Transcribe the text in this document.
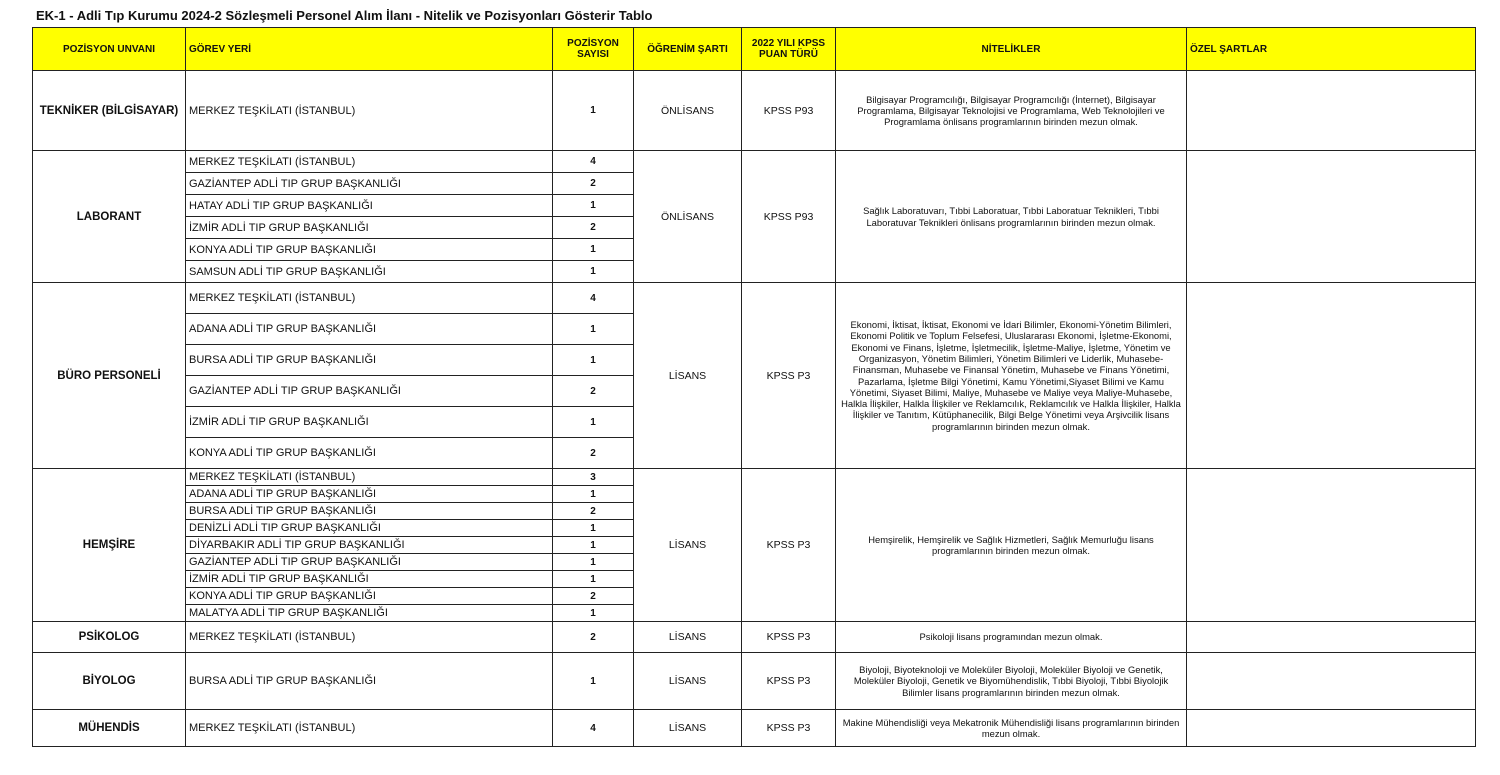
EK-1 - Adli Tıp Kurumu 2024-2 Sözleşmeli Personel Alım İlanı - Nitelik ve Pozisyonları Gösterir Tablo
POZİSYON UNVANI	GÖREV YERİ	POZİSYON SAYISI	ÖĞRENİM ŞARTI	2022 YILI KPSS PUAN TÜRÜ	NİTELİKLER	ÖZEL ŞARTLAR
TEKNİKER (BİLGİSAYAR)	MERKEZ TEŞKİLATI (İSTANBUL)	1	ÖNLİSANS	KPSS P93	Bilgisayar Programcılığı, Bilgisayar Programcılığı (İnternet), Bilgisayar Programlama, Bilgisayar Teknolojisi ve Programlama, Web Teknolojileri ve Programlama önlisans programlarının birinden mezun olmak.	
LABORANT	MERKEZ TEŞKİLATI (İSTANBUL)	4	ÖNLİSANS	KPSS P93	Sağlık Laboratuvarı, Tıbbi Laboratuar, Tıbbi Laboratuar Teknikleri, Tıbbi Laboratuvar Teknikleri önlisans programlarının birinden mezun olmak.	
	GAZİANTEP ADLİ TIP GRUP BAŞKANLIĞI	2				
	HATAY ADLİ TIP GRUP BAŞKANLIĞI	1				
	İZMİR ADLİ TIP GRUP BAŞKANLIĞI	2				
	KONYA ADLİ TIP GRUP BAŞKANLIĞI	1				
	SAMSUN ADLİ TIP GRUP BAŞKANLIĞI	1				
BÜRO PERSONELİ	MERKEZ TEŞKİLATI (İSTANBUL)	4	LİSANS	KPSS P3	Ekonomi, İktisat, İktisat, Ekonomi ve İdari Bilimler, Ekonomi-Yönetim Bilimleri, Ekonomi Politik ve Toplum Felsefesi, Uluslararası Ekonomi, İşletme-Ekonomi, Ekonomi ve Finans, İşletme, İşletmecilik, İşletme-Maliye, İşletme, Yönetim ve Organizasyon, Yönetim Bilimleri, Yönetim Bilimleri ve Liderlik, Muhasebe-Finansman, Muhasebe ve Finansal Yönetim, Muhasebe ve Finans Yönetimi, Pazarlama, İşletme Bilgi Yönetimi, Kamu Yönetimi,Siyaset Bilimi ve Kamu Yönetimi, Siyaset Bilimi, Maliye, Muhasebe ve Maliye veya Maliye-Muhasebe, Halkla İlişkiler, Halkla İlişkiler ve Reklamcılık, Reklamcılık ve Halkla İlişkiler, Halkla İlişkiler ve Tanıtım, Kütüphanecilik, Bilgi Belge Yönetimi veya Arşivcilik lisans programlarının birinden mezun olmak.	
	ADANA ADLİ TIP GRUP BAŞKANLIĞI	1				
	BURSA ADLİ TIP GRUP BAŞKANLIĞI	1				
	GAZİANTEP ADLİ TIP GRUP BAŞKANLIĞI	2				
	İZMİR ADLİ TIP GRUP BAŞKANLIĞI	1				
	KONYA ADLİ TIP GRUP BAŞKANLIĞI	2				
HEMŞİRE	MERKEZ TEŞKİLATI (İSTANBUL)	3	LİSANS	KPSS P3	Hemşirelik, Hemşirelik ve Sağlık Hizmetleri, Sağlık Memurluğu lisans programlarının birinden mezun olmak.	
	ADANA ADLİ TIP GRUP BAŞKANLIĞI	1				
	BURSA ADLİ TIP GRUP BAŞKANLIĞI	2				
	DENİZLİ ADLİ TIP GRUP BAŞKANLIĞI	1				
	DİYARBAKIR ADLİ TIP GRUP BAŞKANLIĞI	1				
	GAZİANTEP ADLİ TIP GRUP BAŞKANLIĞI	1				
	İZMİR ADLİ TIP GRUP BAŞKANLIĞI	1				
	KONYA ADLİ TIP GRUP BAŞKANLIĞI	2				
	MALATYA ADLİ TIP GRUP BAŞKANLIĞI	1				
PSİKOLOG	MERKEZ TEŞKİLATI (İSTANBUL)	2	LİSANS	KPSS P3	Psikoloji lisans programından mezun olmak.	
BİYOLOG	BURSA ADLİ TIP GRUP BAŞKANLIĞI	1	LİSANS	KPSS P3	Biyoloji, Biyoteknoloji ve Moleküler Biyoloji, Moleküler Biyoloji ve Genetik, Moleküler Biyoloji, Genetik ve Biyomühendislik, Tıbbi Biyoloji, Tıbbi Biyolojik Bilimler lisans programlarının birinden mezun olmak.	
MÜHENDİS	MERKEZ TEŞKİLATI (İSTANBUL)	4	LİSANS	KPSS P3	Makine Mühendisliği veya Mekatronik Mühendisliği lisans programlarının birinden mezun olmak.	
